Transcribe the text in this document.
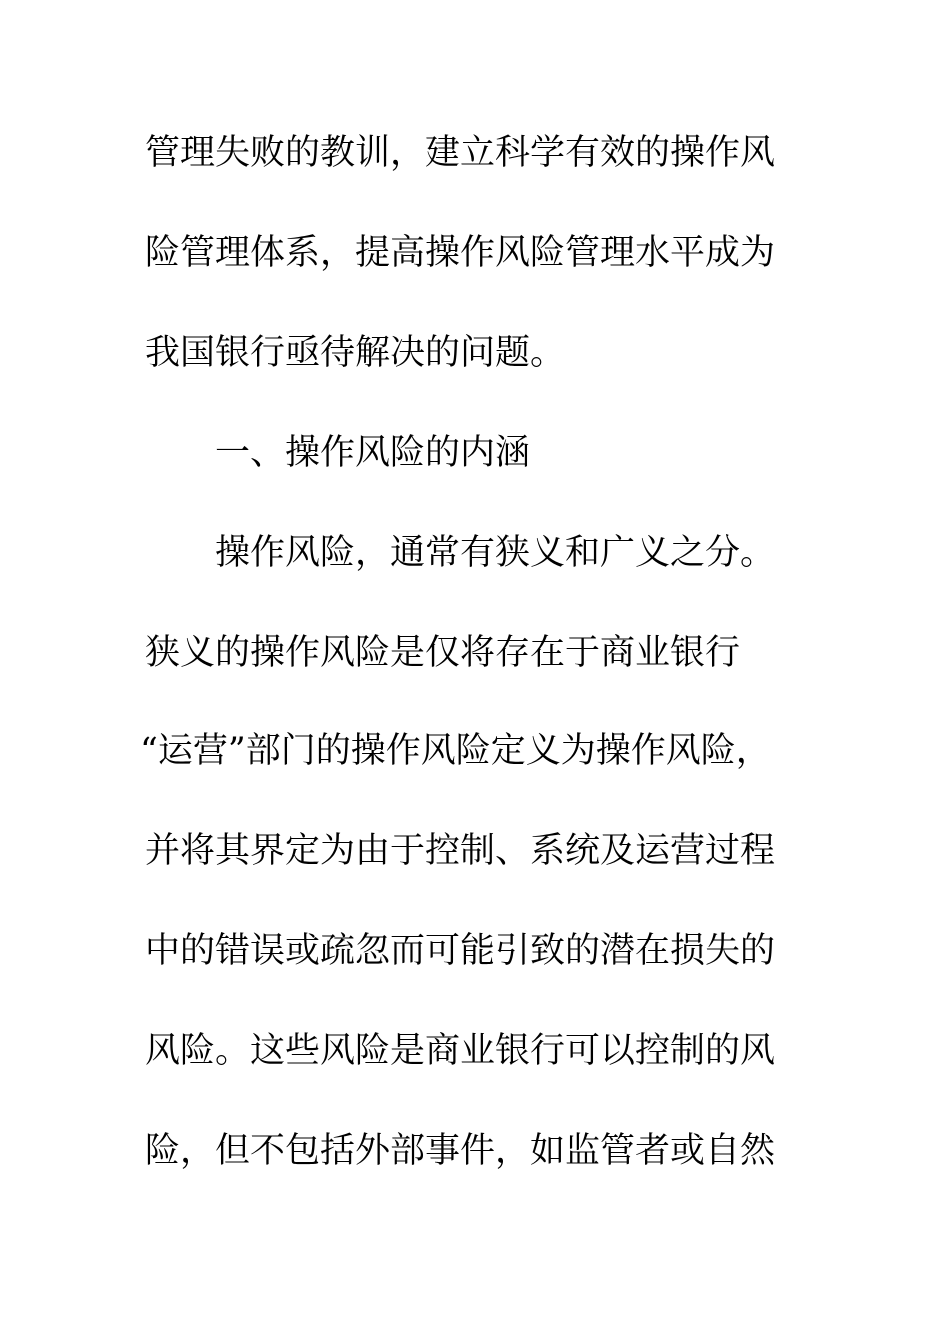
管理失败的教训，建立科学有效的操作风
险管理体系，提高操作风险管理水平成为
我国银行亟待解决的问题。
一、操作风险的内涵
操作风险，通常有狭义和广义之分。
狭义的操作风险是仅将存在于商业银行
“运营”部门的操作风险定义为操作风险，
并将其界定为由于控制、系统及运营过程
中的错误或疏忽而可能引致的潜在损失的
风险。这些风险是商业银行可以控制的风
险，但不包括外部事件，如监管者或自然
